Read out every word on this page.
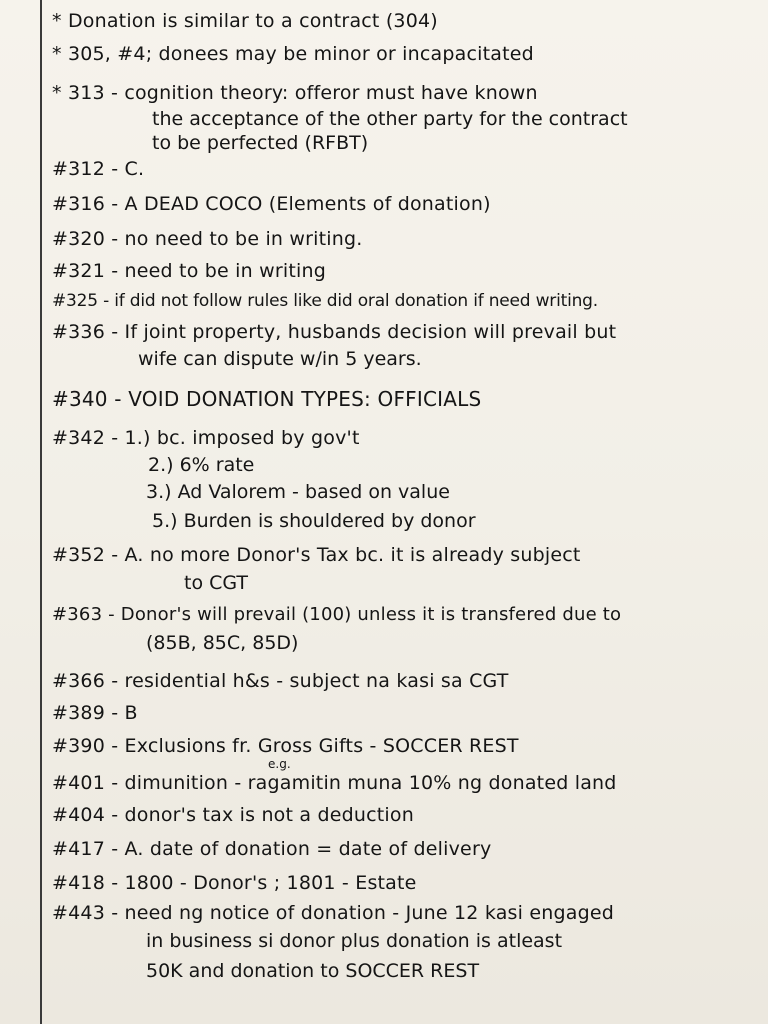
* Donation is similar to a contract (304)

* 305, #4; donees may be minor or incapacitated

* 313 - cognition theory: offeror must have known

the acceptance of the other party for the contract

to be perfected (RFBT)

#312 - C.

#316 - A DEAD COCO (Elements of donation)

#320 - no need to be in writing.

#321 - need to be in writing

#325 - if did not follow rules like did oral donation if need writing.

#336 - If joint property, husbands decision will prevail but

wife can dispute w/in 5 years.

#340 - VOID DONATION TYPES: OFFICIALS

#342 - 1.) bc. imposed by gov't

2.) 6% rate

3.) Ad Valorem - based on value

5.) Burden is shouldered by donor

#352 - A. no more Donor's Tax bc. it is already subject

to CGT

#363 - Donor's will prevail (100) unless it is transfered due to

(85B, 85C, 85D)

#366 - residential h&s - subject na kasi sa CGT

#389 - B

#390 - Exclusions fr. Gross Gifts - SOCCER REST

e.g.

#401 - dimunition - ragamitin muna 10% ng donated land

#404 - donor's tax is not a deduction

#417 - A. date of donation = date of delivery

#418 - 1800 - Donor's ; 1801 - Estate

#443 - need ng notice of donation - June 12 kasi engaged

in business si donor plus donation is atleast

50K and donation to SOCCER REST
